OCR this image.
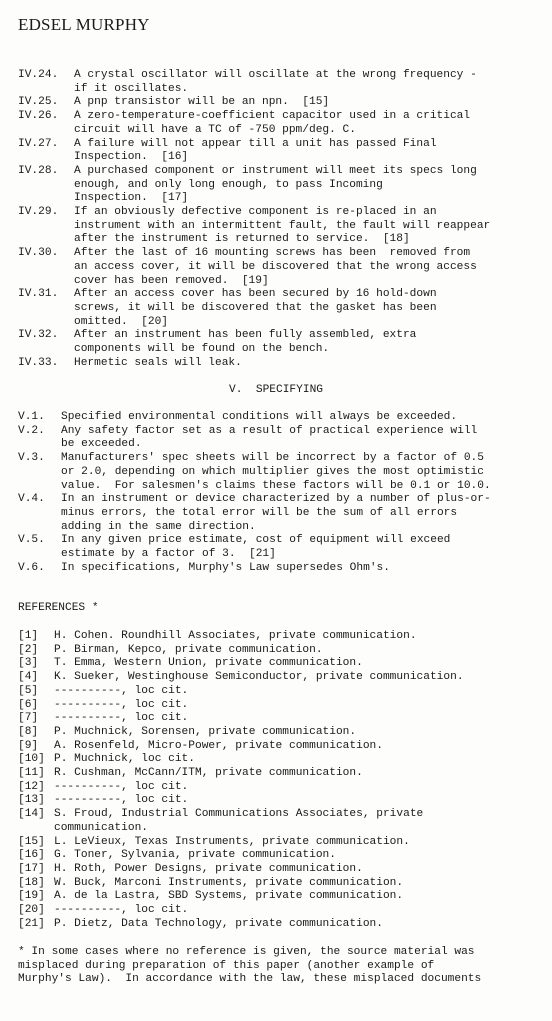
EDSEL MURPHY
IV.24.	A crystal oscillator will oscillate at the wrong frequency -
if it oscillates.
IV.25.	A pnp transistor will be an npn.  [15]
IV.26.	A zero-temperature-coefficient capacitor used in a critical
circuit will have a TC of -750 ppm/deg. C.
IV.27.	A failure will not appear till a unit has passed Final
Inspection.  [16]
IV.28.	A purchased component or instrument will meet its specs long
enough, and only long enough, to pass Incoming
Inspection.  [17]
IV.29.	If an obviously defective component is re-placed in an
instrument with an intermittent fault, the fault will reappear
after the instrument is returned to service.  [18]
IV.30.	After the last of 16 mounting screws has been  removed from
an access cover, it will be discovered that the wrong access
cover has been removed.  [19]
IV.31.	After an access cover has been secured by 16 hold-down
screws, it will be discovered that the gasket has been
omitted.  [20]
IV.32.	After an instrument has been fully assembled, extra
components will be found on the bench.
IV.33.	Hermetic seals will leak.
V.  SPECIFYING
V.1.	Specified environmental conditions will always be exceeded.
V.2.	Any safety factor set as a result of practical experience will
be exceeded.
V.3.	Manufacturers' spec sheets will be incorrect by a factor of 0.5
or 2.0, depending on which multiplier gives the most optimistic
value.  For salesmen's claims these factors will be 0.1 or 10.0.
V.4.	In an instrument or device characterized by a number of plus-or-
minus errors, the total error will be the sum of all errors
adding in the same direction.
V.5.	In any given price estimate, cost of equipment will exceed
estimate by a factor of 3.  [21]
V.6.	In specifications, Murphy's Law supersedes Ohm's.
REFERENCES *
[1]	H. Cohen. Roundhill Associates, private communication.
[2]	P. Birman, Kepco, private communication.
[3]	T. Emma, Western Union, private communication.
[4]	K. Sueker, Westinghouse Semiconductor, private communication.
[5]	----------, loc cit.
[6]	----------, loc cit.
[7]	----------, loc cit.
[8]	P. Muchnick, Sorensen, private communication.
[9]	A. Rosenfeld, Micro-Power, private communication.
[10] P. Muchnick, loc cit.
[11] R. Cushman, McCann/ITM, private communication.
[12] ----------, loc cit.
[13] ----------, loc cit.
[14] S. Froud, Industrial Communications Associates, private
communication.
[15] L. LeVieux, Texas Instruments, private communication.
[16] G. Toner, Sylvania, private communication.
[17] H. Roth, Power Designs, private communication.
[18] W. Buck, Marconi Instruments, private communication.
[19] A. de la Lastra, SBD Systems, private communication.
[20] ----------, loc cit.
[21] P. Dietz, Data Technology, private communication.
* In some cases where no reference is given, the source material was
misplaced during preparation of this paper (another example of
Murphy's Law).  In accordance with the law, these misplaced documents
